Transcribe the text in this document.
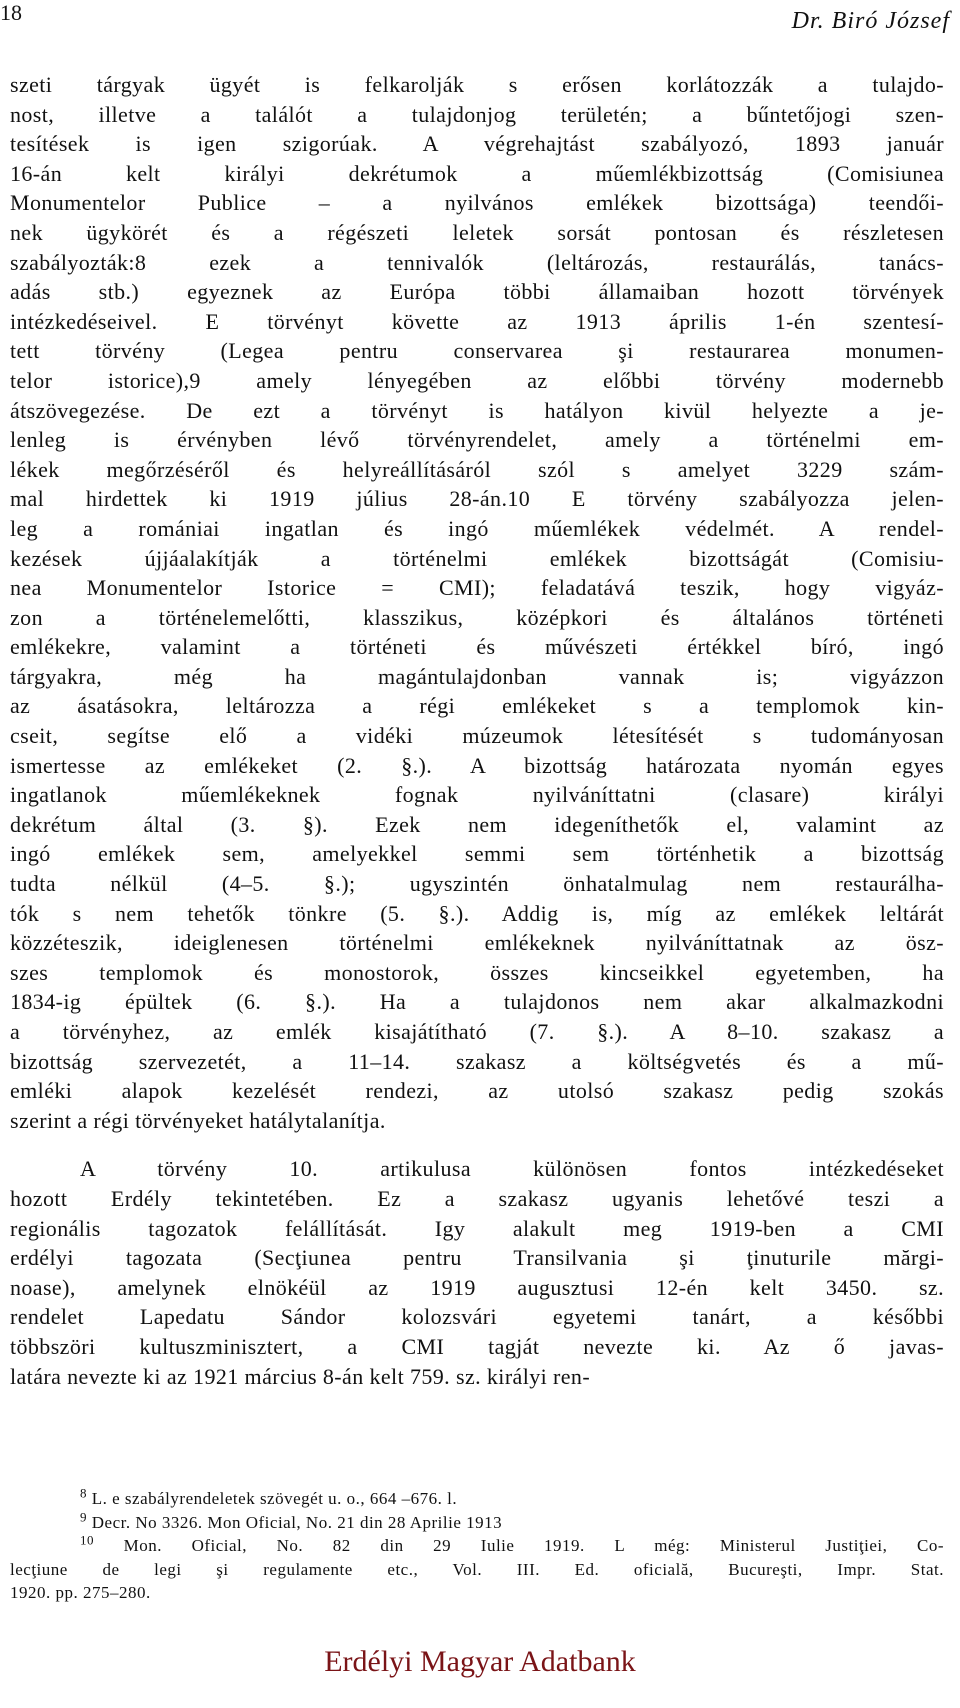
18	Dr. Biró József
szeti tárgyak ügyét is felkarolják s erősen korlátozzák a tulajdo-
nost, illetve a találót a tulajdonjog területén; a bűntetőjogi szen-
tesítések is igen szigorúak. A végrehajtást szabályozó, 1893 január
16-án kelt királyi dekrétumok a műemlékbizottság (Comisiunea
Monumentelor Publice – a nyilvános emlékek bizottsága) teendői-
nek ügykörét és a régészeti leletek sorsát pontosan és részletesen
szabályozták:8 ezek a tennivalók (leltározás, restaurálás, tanács-
adás stb.) egyeznek az Európa többi államaiban hozott törvények
intézkedéseivel. E törvényt követte az 1913 április 1-én szentesí-
tett törvény (Legea pentru conservarea şi restaurarea monumen-
telor istorice),9 amely lényegében az előbbi törvény modernebb
átszövegezése. De ezt a törvényt is hatályon kivül helyezte a je-
lenleg is érvényben lévő törvényrendelet, amely a történelmi em-
lékek megőrzéséről és helyreállításáról szól s amelyet 3229 szám-
mal hirdettek ki 1919 július 28-án.10 E törvény szabályozza jelen-
leg a romániai ingatlan és ingó műemlékek védelmét. A rendel-
kezések újjáalakítják a történelmi emlékek bizottságát (Comisiu-
nea Monumentelor Istorice = CMI); feladatává teszik, hogy vigyáz-
zon a történelemelőtti, klasszikus, középkori és általános történeti
emlékekre, valamint a történeti és művészeti értékkel bíró, ingó
tárgyakra, még ha magántulajdonban vannak is; vigyázzon
az ásatásokra, leltározza a régi emlékeket s a templomok kin-
cseit, segítse elő a vidéki múzeumok létesítését s tudományosan
ismertesse az emlékeket (2. §.). A bizottság határozata nyomán egyes
ingatlanok műemlékeknek fognak nyilváníttatni (clasare) királyi
dekrétum által (3. §). Ezek nem idegeníthetők el, valamint az
ingó emlékek sem, amelyekkel semmi sem történhetik a bizottság
tudta nélkül (4–5. §.); ugyszintén önhatalmulag nem restaurálha-
tók s nem tehetők tönkre (5. §.). Addig is, míg az emlékek leltárát
közzéteszik, ideiglenesen történelmi emlékeknek nyilváníttatnak az ösz-
szes templomok és monostorok, összes kincseikkel egyetemben, ha
1834-ig épültek (6. §.). Ha a tulajdonos nem akar alkalmazkodni
a törvényhez, az emlék kisajátítható (7. §.). A 8–10. szakasz a
bizottság szervezetét, a 11–14. szakasz a költségvetés és a mű-
emléki alapok kezelését rendezi, az utolsó szakasz pedig szokás
szerint a régi törvényeket hatálytalanítja.
A törvény 10. artikulusa különösen fontos intézkedéseket
hozott Erdély tekintetében. Ez a szakasz ugyanis lehetővé teszi a
regionális tagozatok felállítását. Igy alakult meg 1919-ben a CMI
erdélyi tagozata (Secţiunea pentru Transilvania şi ţinuturile mărgi-
noase), amelynek elnökéül az 1919 augusztusi 12-én kelt 3450. sz.
rendelet Lapedatu Sándor kolozsvári egyetemi tanárt, a későbbi
többszöri kultuszminisztert, a CMI tagját nevezte ki. Az ő javas-
latára nevezte ki az 1921 március 8-án kelt 759. sz. királyi ren-
$^8$ L. e szabályrendeletek szövegét u. o., 664 –676. l.
$^9$ Decr. No 3326. Mon Oficial, No. 21 din 28 Aprilie 1913
$^{10}$ Mon. Oficial, No. 82 din 29 Iulie 1919. L még: Ministerul Justiţiei, Co-
lecţiune de legi şi regulamente etc., Vol. III. Ed. oficială, Bucureşti, Impr. Stat.
1920. pp. 275–280.
Erdélyi Magyar Adatbank
